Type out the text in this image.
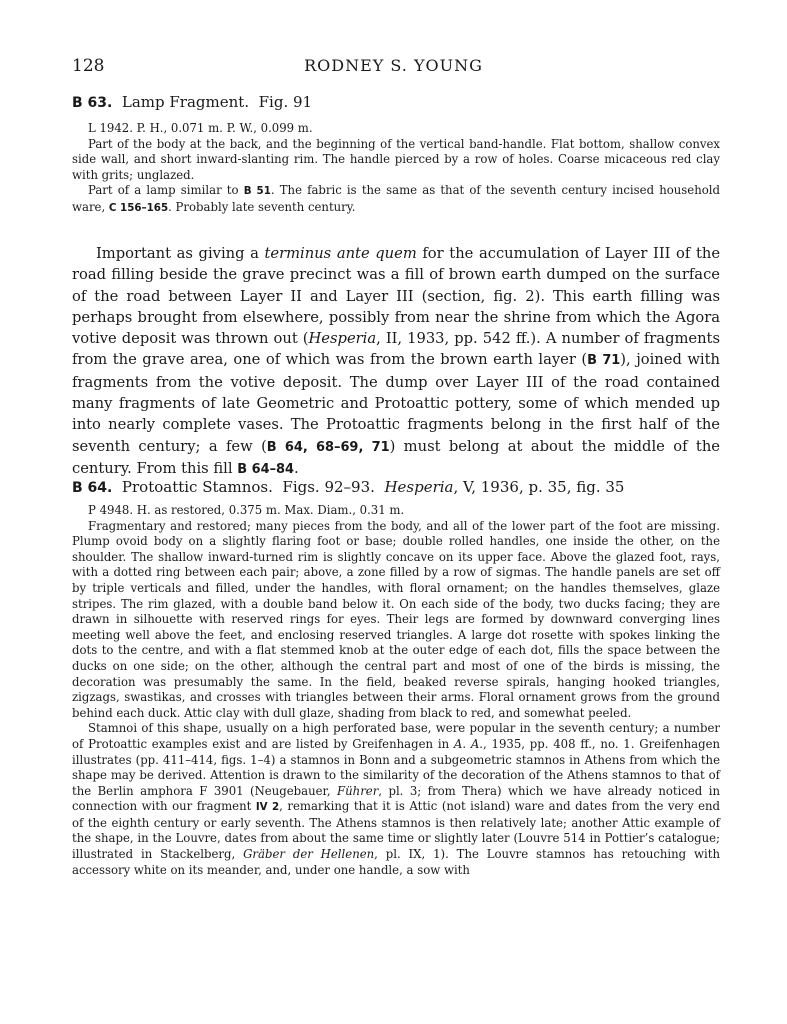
128	RODNEY S. YOUNG
B 63. Lamp Fragment. Fig. 91

L 1942. P. H., 0.071 m. P. W., 0.099 m.

Part of the body at the back, and the beginning of the vertical band-handle. Flat bottom, shallow convex side wall, and short inward-slanting rim. The handle pierced by a row of holes. Coarse micaceous red clay with grits; unglazed.

Part of a lamp similar to B 51. The fabric is the same as that of the seventh century incised household ware, C 156–165. Probably late seventh century.

Important as giving a terminus ante quem for the accumulation of Layer III of the road filling beside the grave precinct was a fill of brown earth dumped on the surface of the road between Layer II and Layer III (section, fig. 2). This earth filling was perhaps brought from elsewhere, possibly from near the shrine from which the Agora votive deposit was thrown out (Hesperia, II, 1933, pp. 542 ff.). A number of fragments from the grave area, one of which was from the brown earth layer (B 71), joined with fragments from the votive deposit. The dump over Layer III of the road contained many fragments of late Geometric and Protoattic pottery, some of which mended up into nearly complete vases. The Protoattic fragments belong in the first half of the seventh century; a few (B 64, 68–69, 71) must belong at about the middle of the century. From this fill B 64–84.

B 64. Protoattic Stamnos. Figs. 92–93. Hesperia, V, 1936, p. 35, fig. 35

P 4948. H. as restored, 0.375 m. Max. Diam., 0.31 m.

Fragmentary and restored; many pieces from the body, and all of the lower part of the foot are missing. Plump ovoid body on a slightly flaring foot or base; double rolled handles, one inside the other, on the shoulder. The shallow inward-turned rim is slightly concave on its upper face. Above the glazed foot, rays, with a dotted ring between each pair; above, a zone filled by a row of sigmas. The handle panels are set off by triple verticals and filled, under the handles, with floral ornament; on the handles themselves, glaze stripes. The rim glazed, with a double band below it. On each side of the body, two ducks facing; they are drawn in silhouette with reserved rings for eyes. Their legs are formed by downward converging lines meeting well above the feet, and enclosing reserved triangles. A large dot rosette with spokes linking the dots to the centre, and with a flat stemmed knob at the outer edge of each dot, fills the space between the ducks on one side; on the other, although the central part and most of one of the birds is missing, the decoration was presumably the same. In the field, beaked reverse spirals, hanging hooked triangles, zigzags, swastikas, and crosses with triangles between their arms. Floral ornament grows from the ground behind each duck. Attic clay with dull glaze, shading from black to red, and somewhat peeled.

Stamnoi of this shape, usually on a high perforated base, were popular in the seventh century; a number of Protoattic examples exist and are listed by Greifenhagen in A. A., 1935, pp. 408 ff., no. 1. Greifenhagen illustrates (pp. 411–414, figs. 1–4) a stamnos in Bonn and a subgeometric stamnos in Athens from which the shape may be derived. Attention is drawn to the similarity of the decoration of the Athens stamnos to that of the Berlin amphora F 3901 (Neugebauer, Führer, pl. 3; from Thera) which we have already noticed in connection with our fragment IV 2, remarking that it is Attic (not island) ware and dates from the very end of the eighth century or early seventh. The Athens stamnos is then relatively late; another Attic example of the shape, in the Louvre, dates from about the same time or slightly later (Louvre 514 in Pottier’s catalogue; illustrated in Stackelberg, Gräber der Hellenen, pl. IX, 1). The Louvre stamnos has retouching with accessory white on its meander, and, under one handle, a sow with
